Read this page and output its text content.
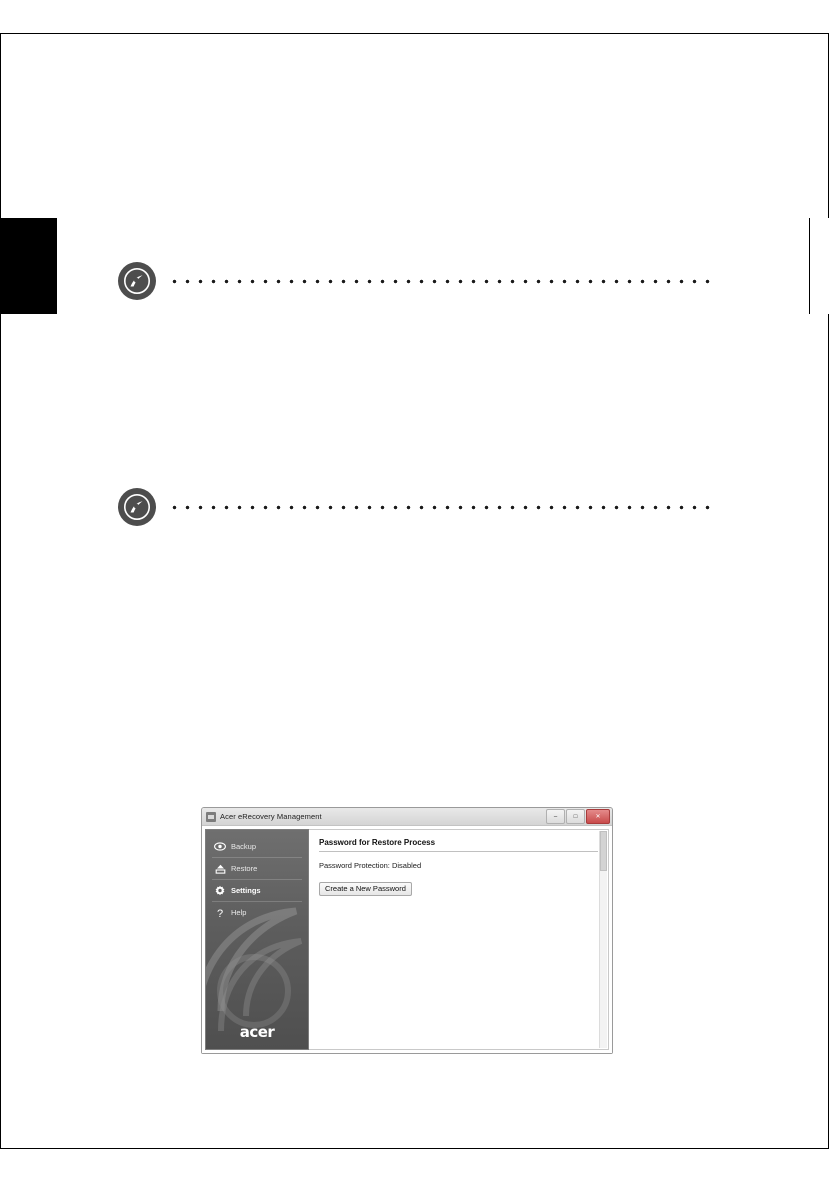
Acer eRecovery Management	–	□	✕
Backup
Restore
Settings
? Help
acer
Password for Restore Process
Password Protection: Disabled
Create a New Password
